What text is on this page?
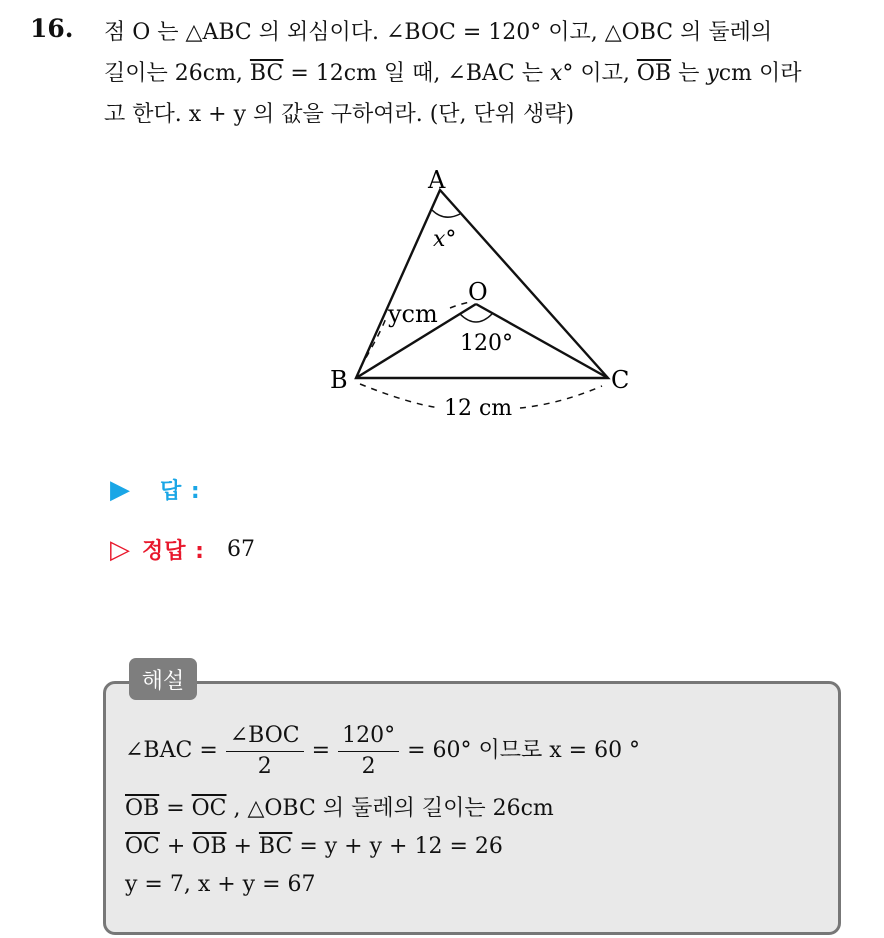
16. 점 O 는 △ABC 의 외심이다. ∠BOC = 120° 이고, △OBC 의 둘레의
길이는 26cm, $\overline{BC} = 12cm$ 일 때, ∠BAC 는 x° 이고, $\overline{OB}$ 는 ycm 이라
고 한다. x + y 의 값을 구하여라. (단, 단위 생략)
A
B	C
O
x°
ycm
120°
12 cm
▶ 답 :
▷ 정답 : 67
해설
∠BAC = $\frac{\text{∠BOC}}{2} = \frac{120^\circ}{2} = 60^\circ$ 이므로 x = 60 °
$\overline{OB} = \overline{OC}$ , △OBC 의 둘레의 길이는 26cm
$\overline{OC} + \overline{OB} + \overline{BC} = y + y + 12 = 26$
y = 7, x + y = 67
